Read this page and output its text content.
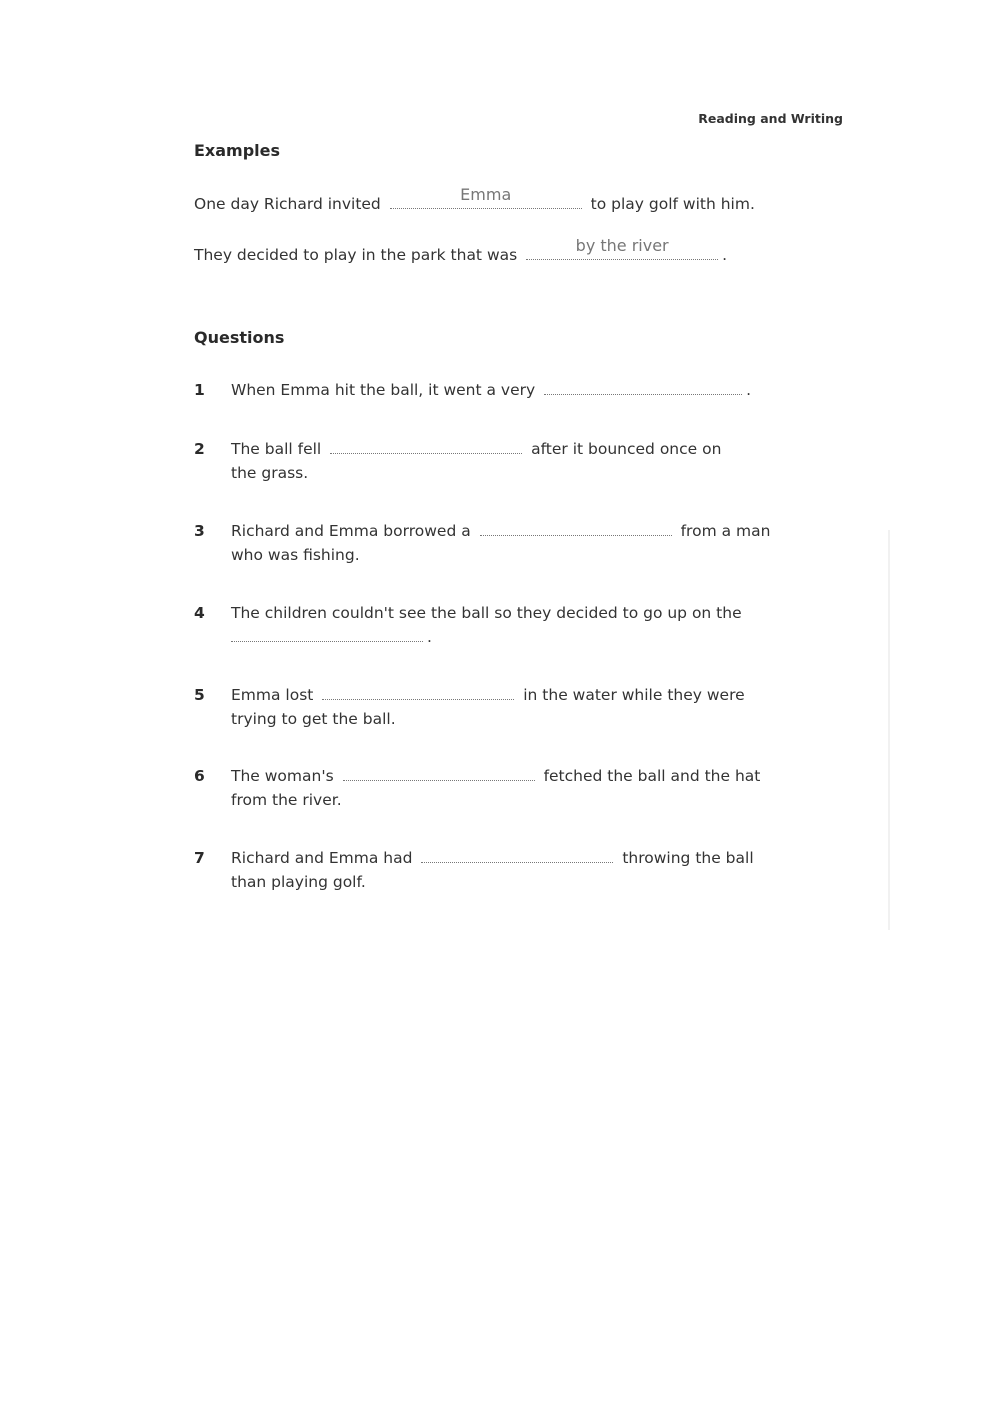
Reading and Writing
Examples
One day Richard invited	Emma	to play golf with him.
They decided to play in the park that was	by the river	.
Questions
1 When Emma hit the ball, it went a very	.
2 The ball fell	after it bounced once on
the grass.
3 Richard and Emma borrowed a	from a man
who was fishing.
4 The children couldn't see the ball so they decided to go up on the
.
5 Emma lost	in the water while they were
trying to get the ball.
6 The woman's	fetched the ball and the hat
from the river.
7 Richard and Emma had	throwing the ball
than playing golf.
